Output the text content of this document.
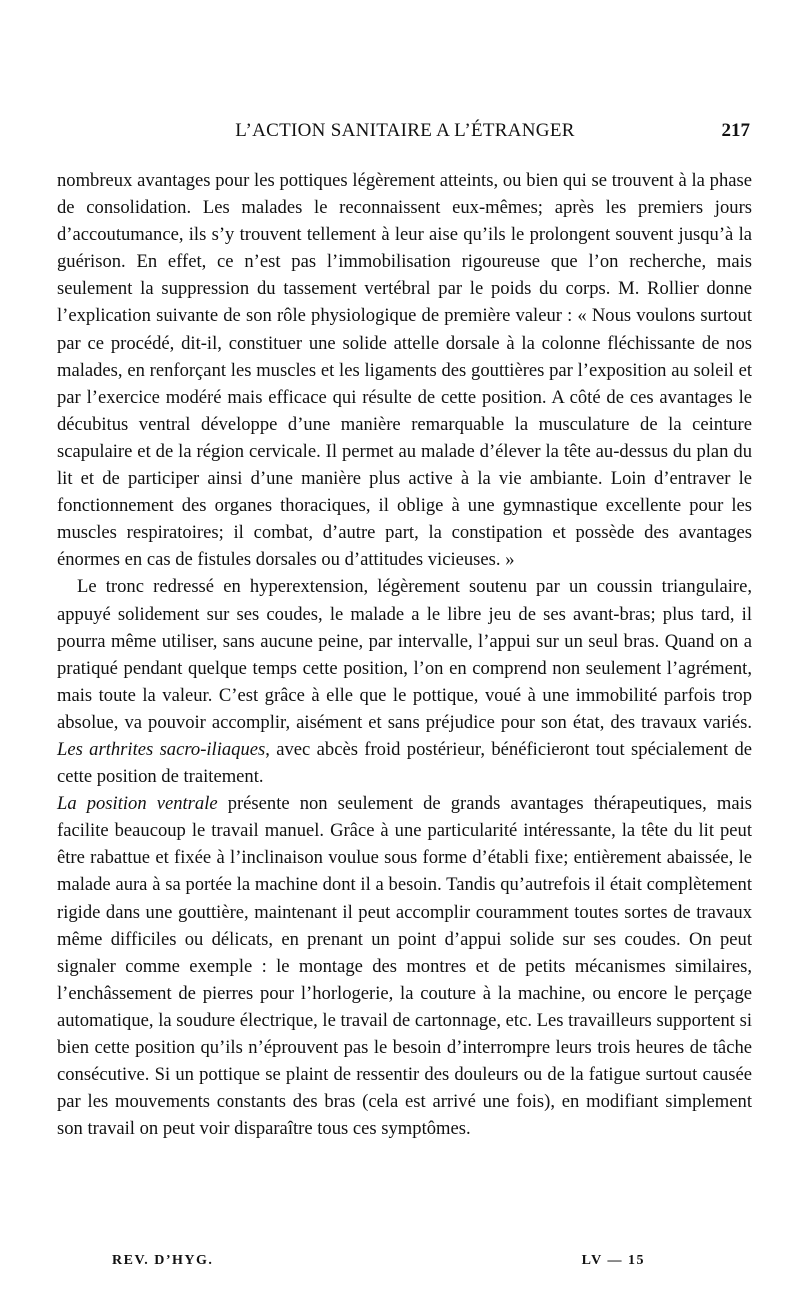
L’ACTION SANITAIRE A L’ÉTRANGER	217

nombreux avantages pour les pottiques légèrement atteints, ou bien qui se trouvent à la phase de consolidation. Les malades le reconnaissent eux-mêmes; après les premiers jours d’accoutumance, ils s’y trouvent tellement à leur aise qu’ils le prolongent souvent jusqu’à la guérison. En effet, ce n’est pas l’immobilisation rigoureuse que l’on recherche, mais seulement la suppression du tassement vertébral par le poids du corps. M. Rollier donne l’explication suivante de son rôle physiologique de première valeur : « Nous voulons surtout par ce procédé, dit-il, constituer une solide attelle dorsale à la colonne fléchissante de nos malades, en renforçant les muscles et les ligaments des gouttières par l’exposition au soleil et par l’exercice modéré mais efficace qui résulte de cette position. A côté de ces avantages le décubitus ventral développe d’une manière remarquable la musculature de la ceinture scapulaire et de la région cervicale. Il permet au malade d’élever la tête au-dessus du plan du lit et de participer ainsi d’une manière plus active à la vie ambiante. Loin d’entraver le fonctionnement des organes thoraciques, il oblige à une gymnastique excellente pour les muscles respiratoires; il combat, d’autre part, la constipation et possède des avantages énormes en cas de fistules dorsales ou d’attitudes vicieuses. »

Le tronc redressé en hyperextension, légèrement soutenu par un coussin triangulaire, appuyé solidement sur ses coudes, le malade a le libre jeu de ses avant-bras; plus tard, il pourra même utiliser, sans aucune peine, par intervalle, l’appui sur un seul bras. Quand on a pratiqué pendant quelque temps cette position, l’on en comprend non seulement l’agrément, mais toute la valeur. C’est grâce à elle que le pottique, voué à une immobilité parfois trop absolue, va pouvoir accomplir, aisément et sans préjudice pour son état, des travaux variés. Les arthrites sacro-iliaques, avec abcès froid postérieur, bénéficieront tout spécialement de cette position de traitement.

La position ventrale présente non seulement de grands avantages thérapeutiques, mais facilite beaucoup le travail manuel. Grâce à une particularité intéressante, la tête du lit peut être rabattue et fixée à l’inclinaison voulue sous forme d’établi fixe; entièrement abaissée, le malade aura à sa portée la machine dont il a besoin. Tandis qu’autrefois il était complètement rigide dans une gouttière, maintenant il peut accomplir couramment toutes sortes de travaux même difficiles ou délicats, en prenant un point d’appui solide sur ses coudes. On peut signaler comme exemple : le montage des montres et de petits mécanismes similaires, l’enchâssement de pierres pour l’horlogerie, la couture à la machine, ou encore le perçage automatique, la soudure électrique, le travail de cartonnage, etc. Les travailleurs supportent si bien cette position qu’ils n’éprouvent pas le besoin d’interrompre leurs trois heures de tâche consécutive. Si un pottique se plaint de ressentir des douleurs ou de la fatigue surtout causée par les mouvements constants des bras (cela est arrivé une fois), en modifiant simplement son travail on peut voir disparaître tous ces symptômes.

REV. D’HYG.	LV — 15
